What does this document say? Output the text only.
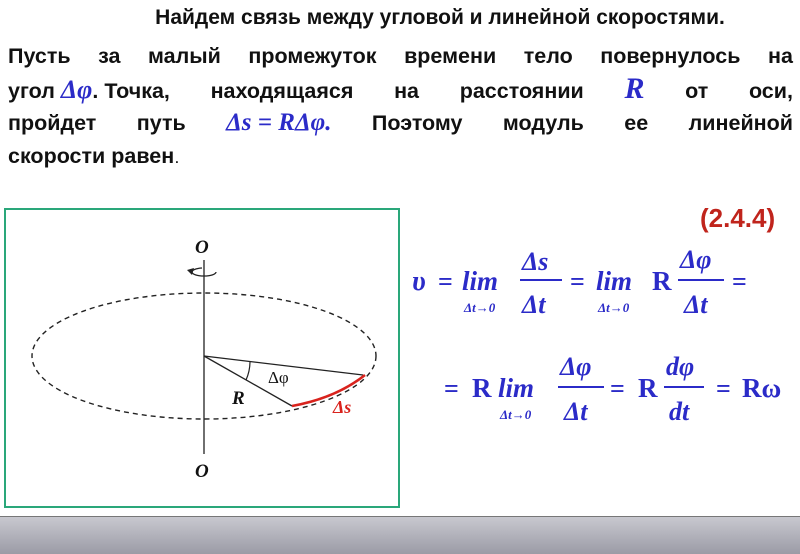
Найдем связь между угловой и линейной скоростями.
Пусть за малый промежуток времени тело повернулось на
угол Δφ. Точка, находящаяся на расстоянии R от оси,
пройдет путь Δs = RΔφ. Поэтому модуль ее линейной
скорости равен .
O
O
R
Δφ
Δs
(2.4.4)
υ = lim
Δt→0
Δs
Δt
= lim
Δt→0
R
Δφ
Δt
=
= R lim
Δt→0
Δφ
Δt
= R
dφ
dt
= Rω
